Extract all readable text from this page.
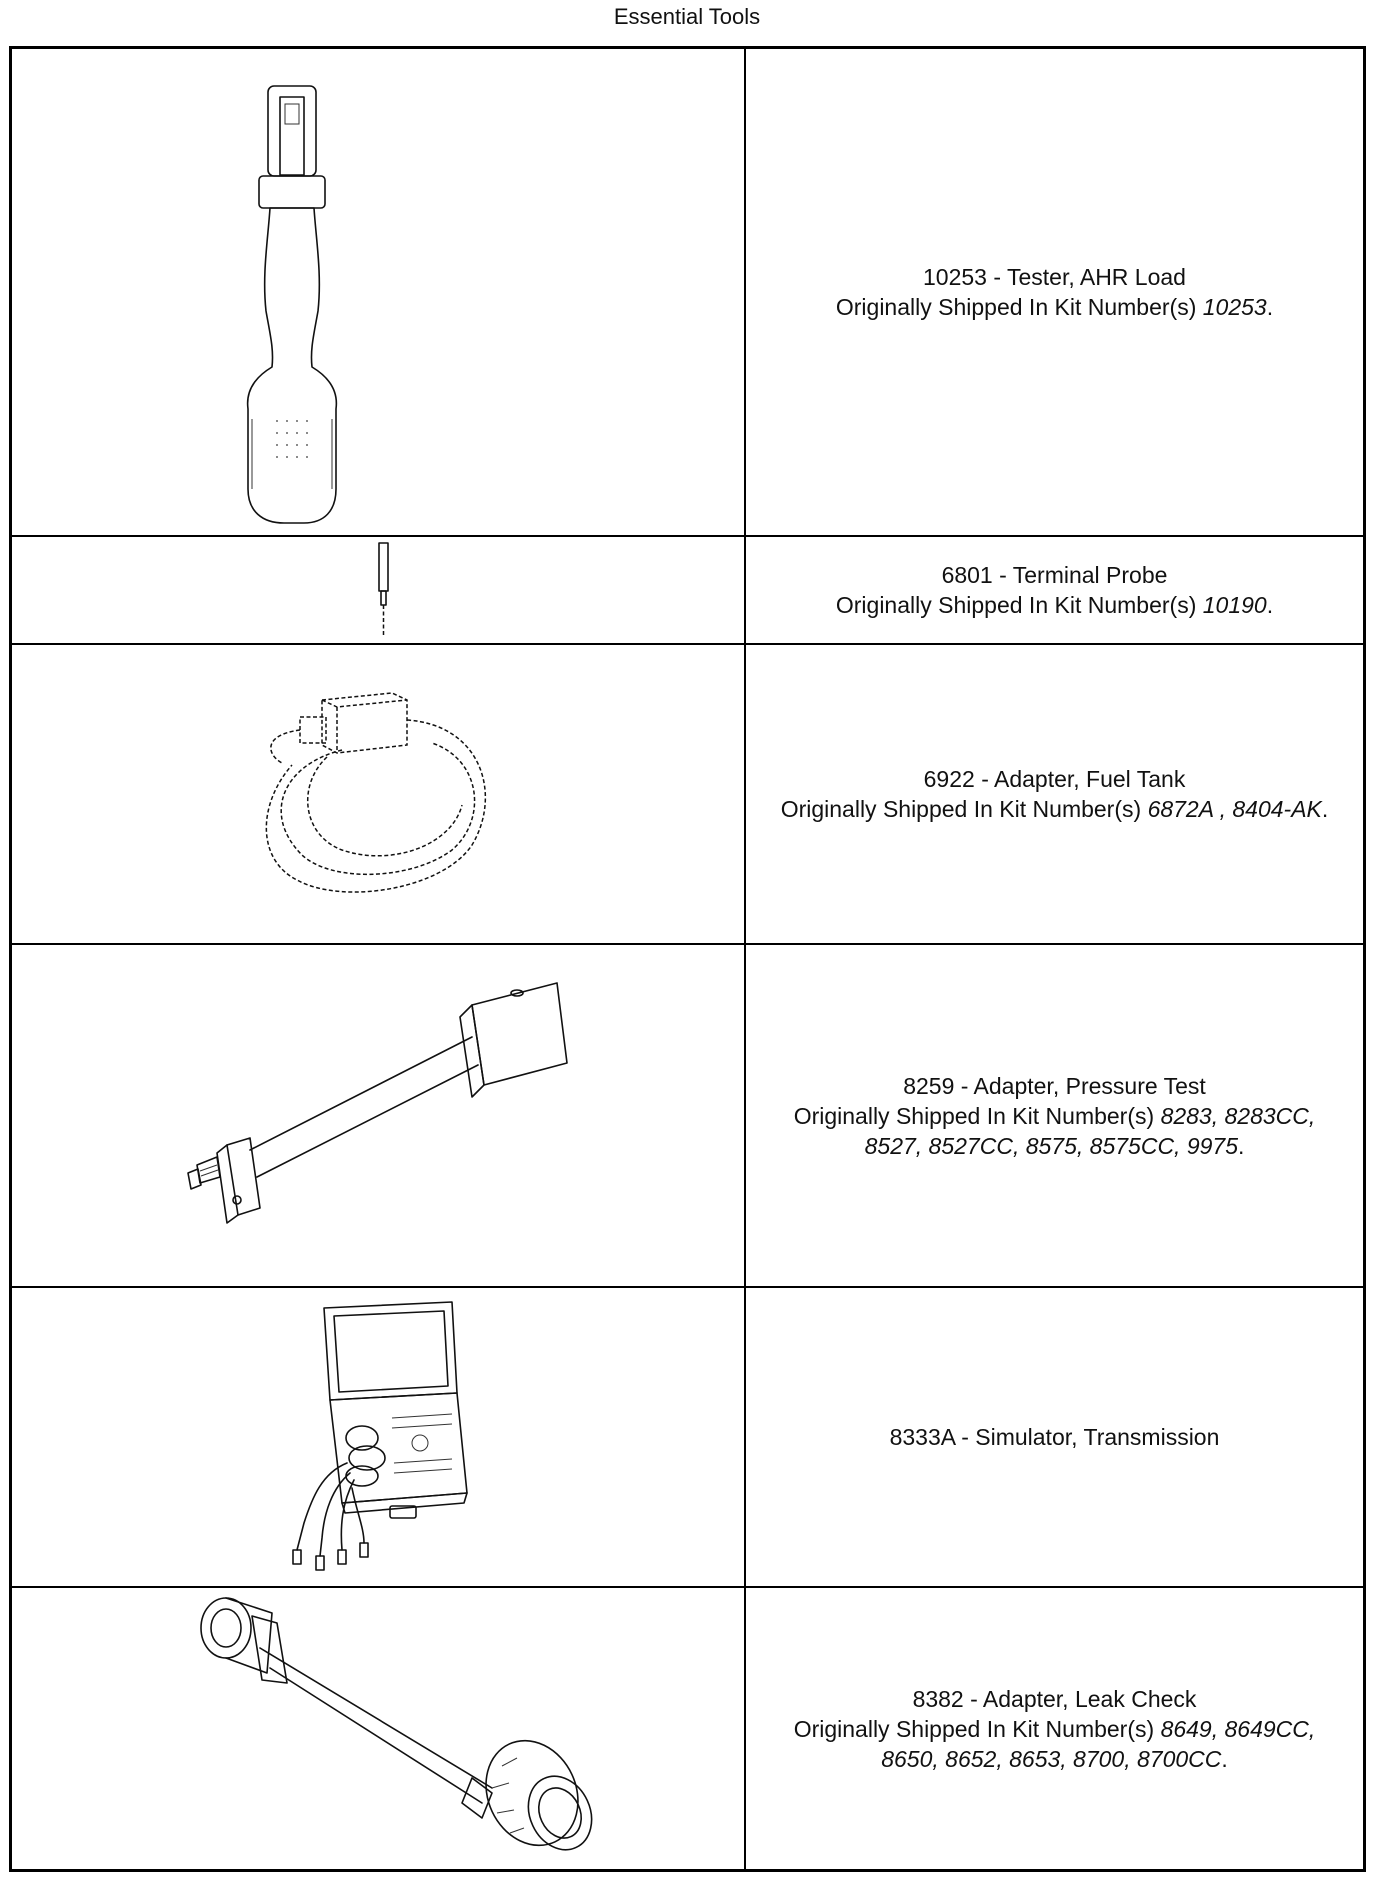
Essential Tools
10253 - Tester, AHR Load
Originally Shipped In Kit Number(s) 10253.
6801 - Terminal Probe
Originally Shipped In Kit Number(s) 10190.
6922 - Adapter, Fuel Tank
Originally Shipped In Kit Number(s) 6872A , 8404-AK.
8259 - Adapter, Pressure Test
Originally Shipped In Kit Number(s) 8283, 8283CC,
8527, 8527CC, 8575, 8575CC, 9975.
8333A - Simulator, Transmission
8382 - Adapter, Leak Check
Originally Shipped In Kit Number(s) 8649, 8649CC,
8650, 8652, 8653, 8700, 8700CC.
